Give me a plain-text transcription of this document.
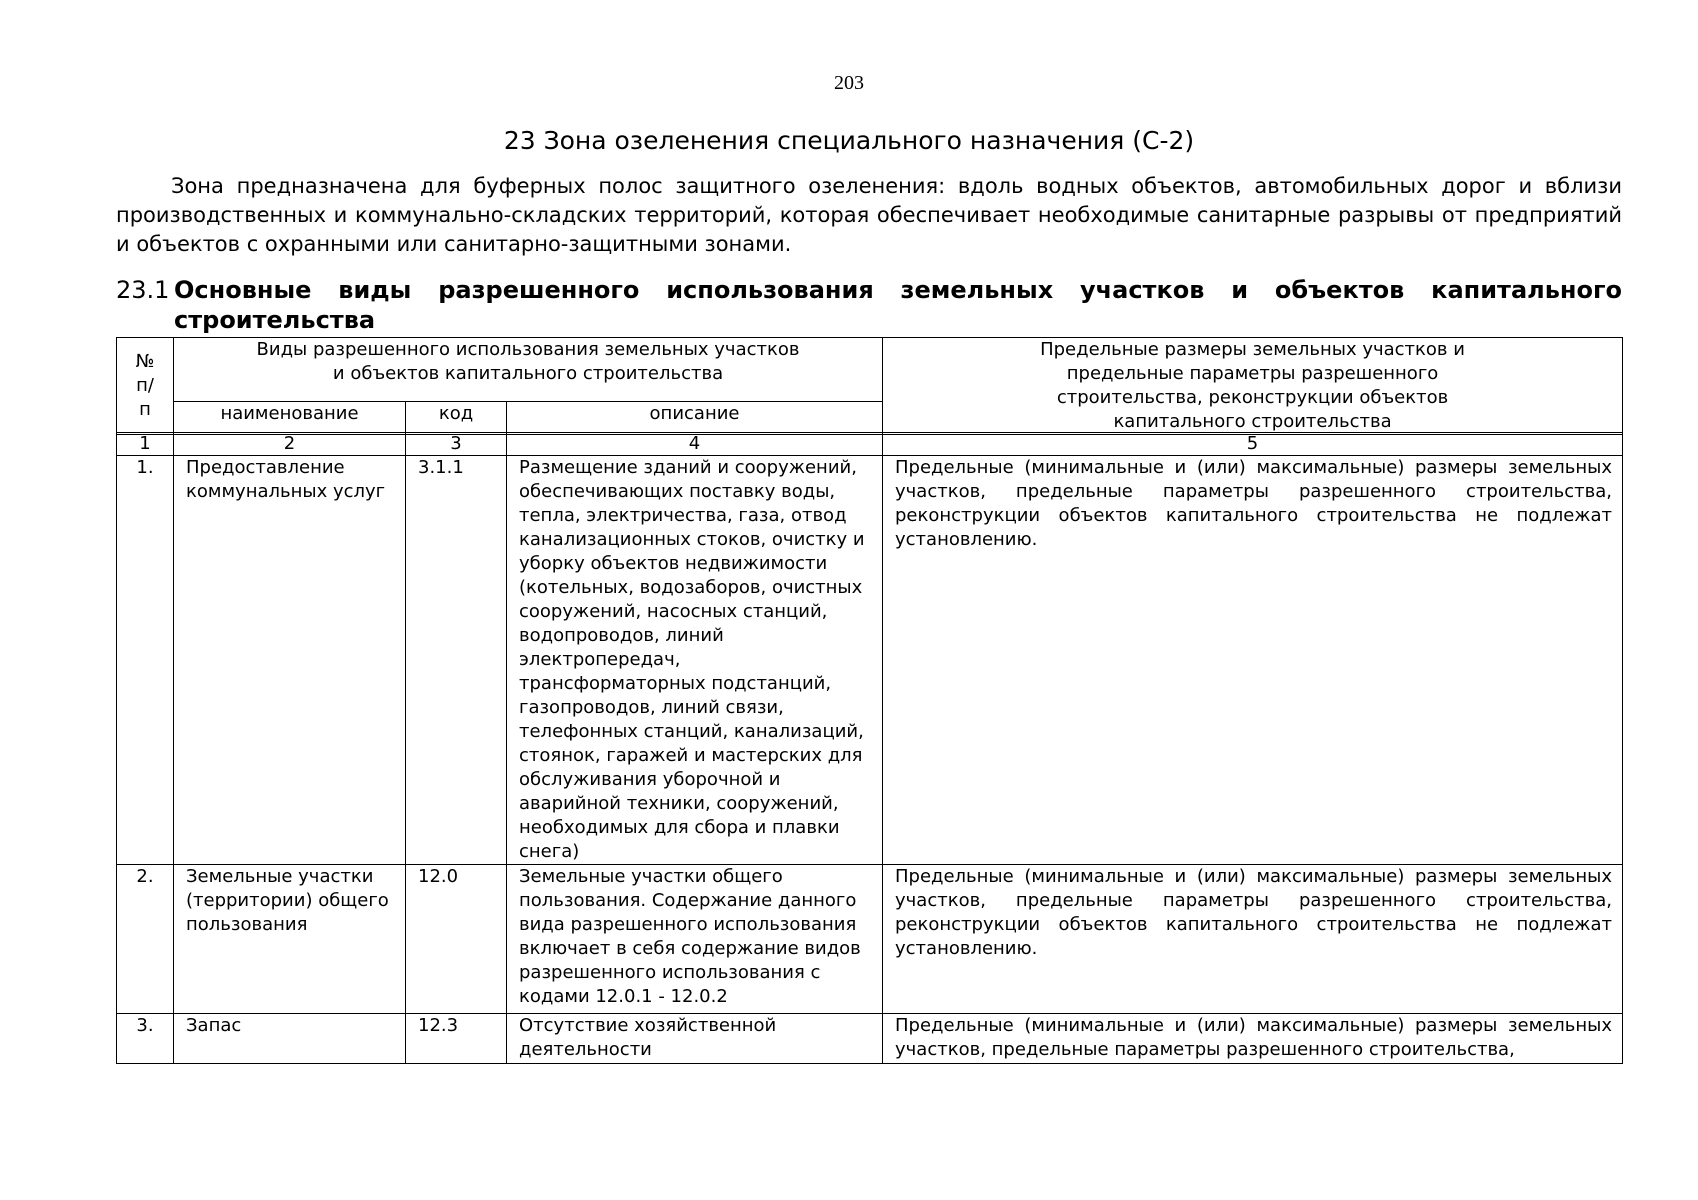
203
23 Зона озеленения специального назначения (С-2)

Зона предназначена для буферных полос защитного озеленения: вдоль водных объектов, автомобильных дорог и вблизи производственных и коммунально-складских территорий, которая обеспечивает необходимые санитарные разрывы от предприятий и объектов с охранными или санитарно-защитными зонами.

23.1 Основные виды разрешенного использования земельных участков и объектов капитального строительства
№ п/п	Виды разрешенного использования земельных участков и объектов капитального строительства			Предельные размеры земельных участков и предельные параметры разрешенного строительства, реконструкции объектов капитального строительства
	наименование	код	описание	
1	2	3	4	5
1.	Предоставление коммунальных услуг	3.1.1	Размещение зданий и сооружений, обеспечивающих поставку воды, тепла, электричества, газа, отвод канализационных стоков, очистку и уборку объектов недвижимости (котельных, водозаборов, очистных сооружений, насосных станций, водопроводов, линий электропередач, трансформаторных подстанций, газопроводов, линий связи, телефонных станций, канализаций, стоянок, гаражей и мастерских для обслуживания уборочной и аварийной техники, сооружений, необходимых для сбора и плавки снега)	Предельные (минимальные и (или) максимальные) размеры земельных участков, предельные параметры разрешенного строительства, реконструкции объектов капитального строительства не подлежат установлению.
2.	Земельные участки (территории) общего пользования	12.0	Земельные участки общего пользования. Содержание данного вида разрешенного использования включает в себя содержание видов разрешенного использования с кодами 12.0.1 - 12.0.2	Предельные (минимальные и (или) максимальные) размеры земельных участков, предельные параметры разрешенного строительства, реконструкции объектов капитального строительства не подлежат установлению.
3.	Запас	12.3	Отсутствие хозяйственной деятельности	Предельные (минимальные и (или) максимальные) размеры земельных участков, предельные параметры разрешенного строительства,
